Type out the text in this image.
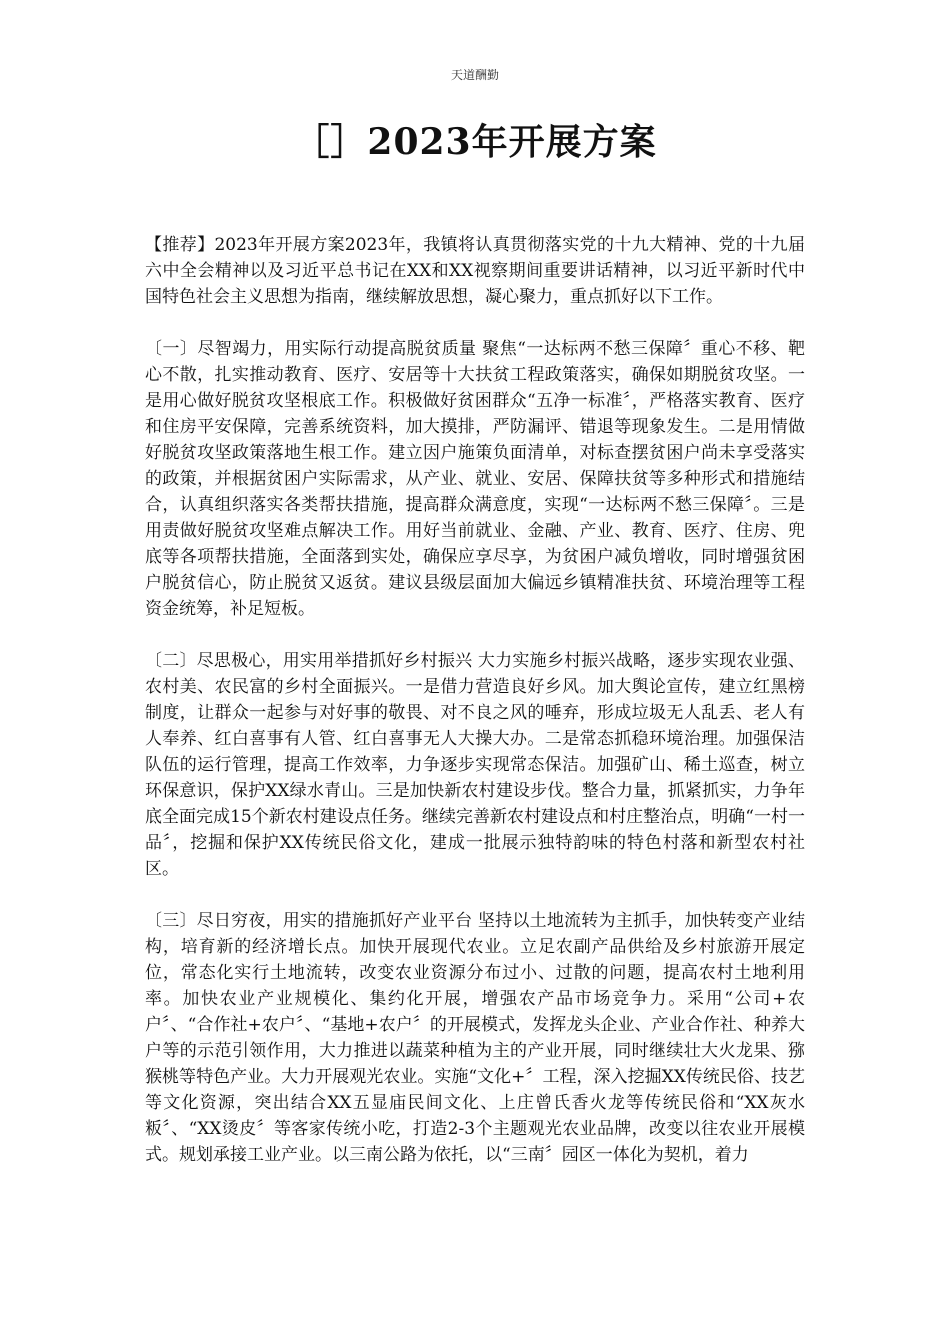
天道酬勤
［］2023年开展方案

【推荐】2023年开展方案2023年，我镇将认真贯彻落实党的十九大精神、党的十九届六中全会精神以及习近平总书记在XX和XX视察期间重要讲话精神，以习近平新时代中国特色社会主义思想为指南，继续解放思想，凝心聚力，重点抓好以下工作。

〔一〕尽智竭力，用实际行动提高脱贫质量 聚焦“一达标两不愁三保障〞重心不移、靶心不散，扎实推动教育、医疗、安居等十大扶贫工程政策落实，确保如期脱贫攻坚。一是用心做好脱贫攻坚根底工作。积极做好贫困群众“五净一标准〞，严格落实教育、医疗和住房平安保障，完善系统资料，加大摸排，严防漏评、错退等现象发生。二是用情做好脱贫攻坚政策落地生根工作。建立因户施策负面清单，对标查摆贫困户尚未享受落实的政策，并根据贫困户实际需求，从产业、就业、安居、保障扶贫等多种形式和措施结合，认真组织落实各类帮扶措施，提高群众满意度，实现“一达标两不愁三保障〞。三是用责做好脱贫攻坚难点解决工作。用好当前就业、金融、产业、教育、医疗、住房、兜底等各项帮扶措施，全面落到实处，确保应享尽享，为贫困户减负增收，同时增强贫困户脱贫信心，防止脱贫又返贫。建议县级层面加大偏远乡镇精准扶贫、环境治理等工程资金统筹，补足短板。

〔二〕尽思极心，用实用举措抓好乡村振兴 大力实施乡村振兴战略，逐步实现农业强、农村美、农民富的乡村全面振兴。一是借力营造良好乡风。加大舆论宣传，建立红黑榜制度，让群众一起参与对好事的敬畏、对不良之风的唾弃，形成垃圾无人乱丢、老人有人奉养、红白喜事有人管、红白喜事无人大操大办。二是常态抓稳环境治理。加强保洁队伍的运行管理，提高工作效率，力争逐步实现常态保洁。加强矿山、稀土巡查，树立环保意识，保护XX绿水青山。三是加快新农村建设步伐。整合力量，抓紧抓实，力争年底全面完成15个新农村建设点任务。继续完善新农村建设点和村庄整治点，明确“一村一品〞，挖掘和保护XX传统民俗文化，建成一批展示独特韵味的特色村落和新型农村社区。

〔三〕尽日穷夜，用实的措施抓好产业平台 坚持以土地流转为主抓手，加快转变产业结构，培育新的经济增长点。加快开展现代农业。立足农副产品供给及乡村旅游开展定位，常态化实行土地流转，改变农业资源分布过小、过散的问题，提高农村土地利用率。加快农业产业规模化、集约化开展，增强农产品市场竞争力。采用“公司+农户〞、“合作社+农户〞、“基地+农户〞的开展模式，发挥龙头企业、产业合作社、种养大户等的示范引领作用，大力推进以蔬菜种植为主的产业开展，同时继续壮大火龙果、猕猴桃等特色产业。大力开展观光农业。实施“文化+〞工程，深入挖掘XX传统民俗、技艺等文化资源，突出结合XX五显庙民间文化、上庄曾氏香火龙等传统民俗和“XX灰水粄〞、“XX烫皮〞等客家传统小吃，打造2-3个主题观光农业品牌，改变以往农业开展模式。规划承接工业产业。以三南公路为依托，以“三南〞园区一体化为契机，着力
